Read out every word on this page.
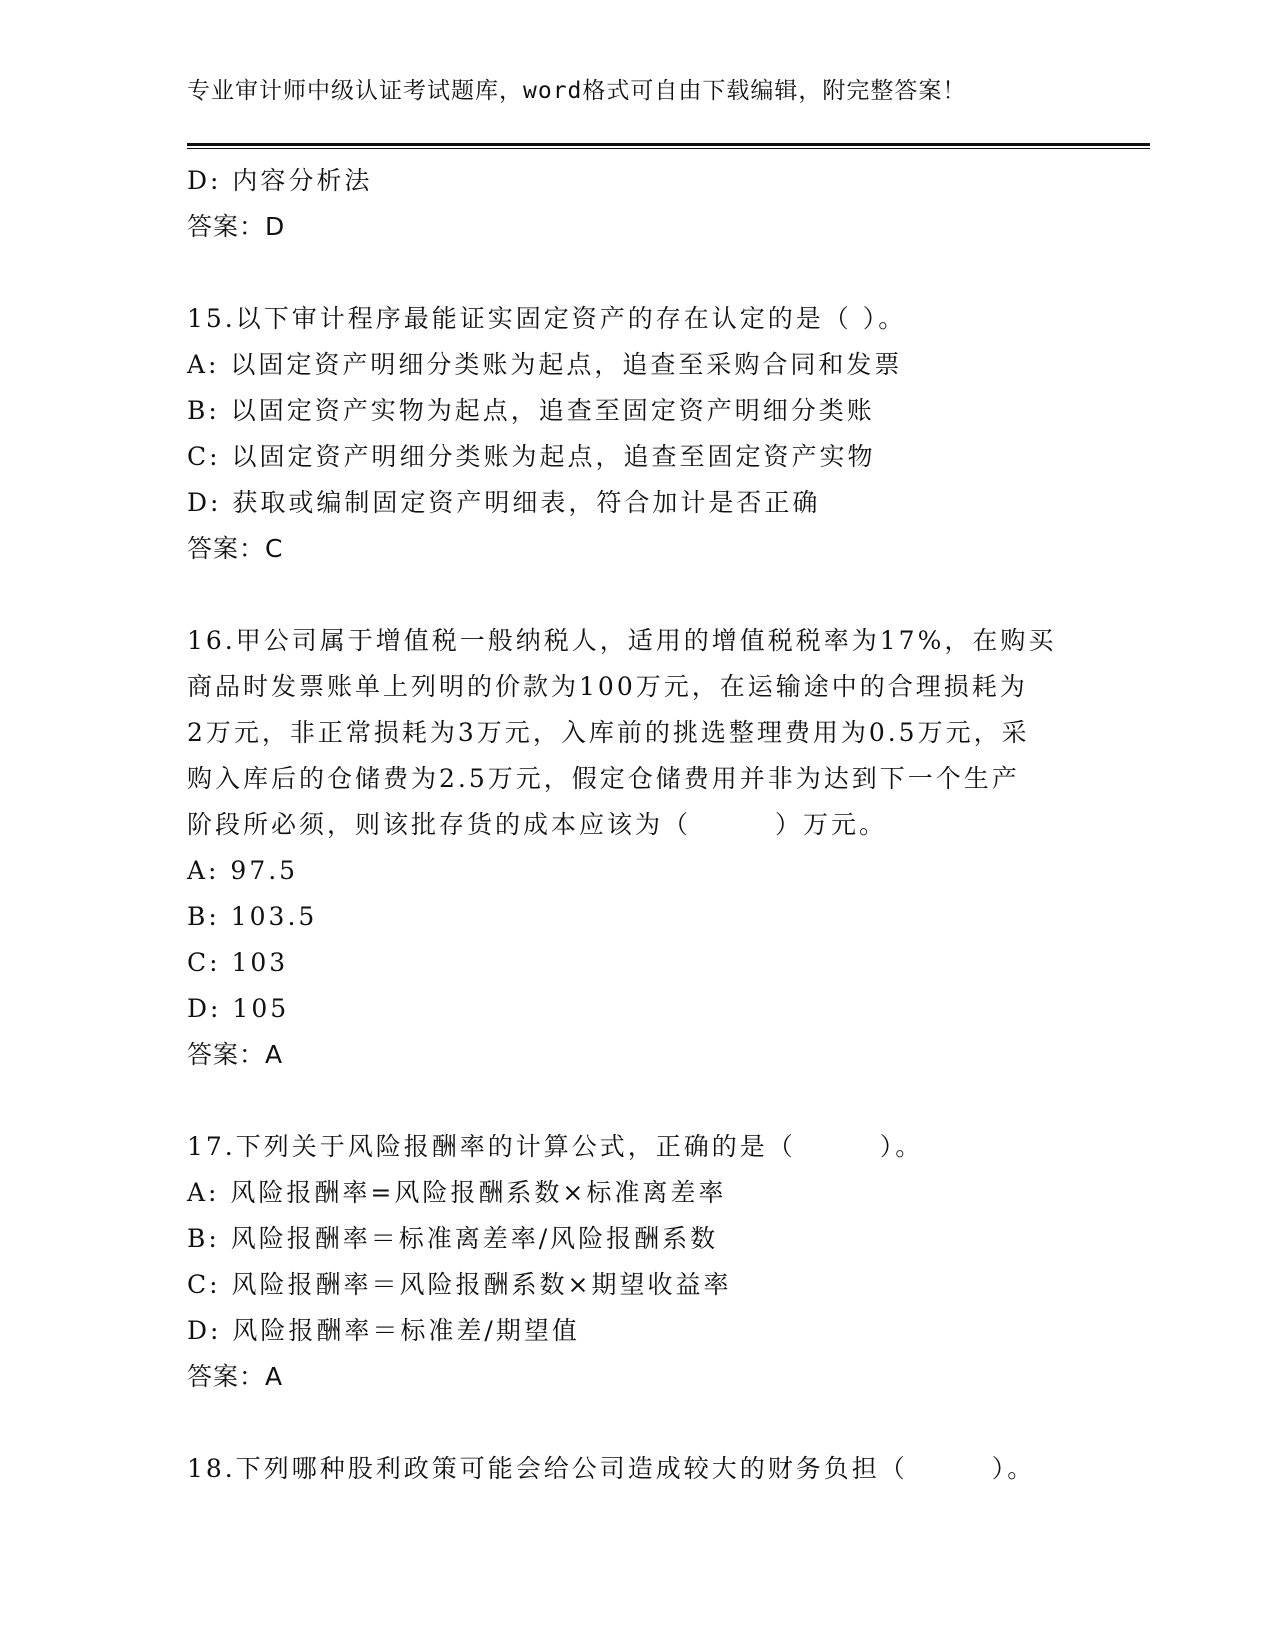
专业审计师中级认证考试题库，word格式可自由下载编辑，附完整答案！
D: 内容分析法
答案：D
15.以下审计程序最能证实固定资产的存在认定的是（ ）。
A: 以固定资产明细分类账为起点，追查至采购合同和发票
B: 以固定资产实物为起点，追查至固定资产明细分类账
C: 以固定资产明细分类账为起点，追查至固定资产实物
D: 获取或编制固定资产明细表，符合加计是否正确
答案：C
16.甲公司属于增值税一般纳税人，适用的增值税税率为17%，在购买
商品时发票账单上列明的价款为100万元，在运输途中的合理损耗为
2万元，非正常损耗为3万元，入库前的挑选整理费用为0.5万元，采
购入库后的仓储费为2.5万元，假定仓储费用并非为达到下一个生产
阶段所必须，则该批存货的成本应该为（　　　）万元。
A: 97.5
B: 103.5
C: 103
D: 105
答案：A
17.下列关于风险报酬率的计算公式，正确的是（　　　）。
A: 风险报酬率=风险报酬系数×标准离差率
B: 风险报酬率＝标准离差率/风险报酬系数
C: 风险报酬率＝风险报酬系数×期望收益率
D: 风险报酬率＝标准差/期望值
答案：A
18.下列哪种股利政策可能会给公司造成较大的财务负担（　　　）。
